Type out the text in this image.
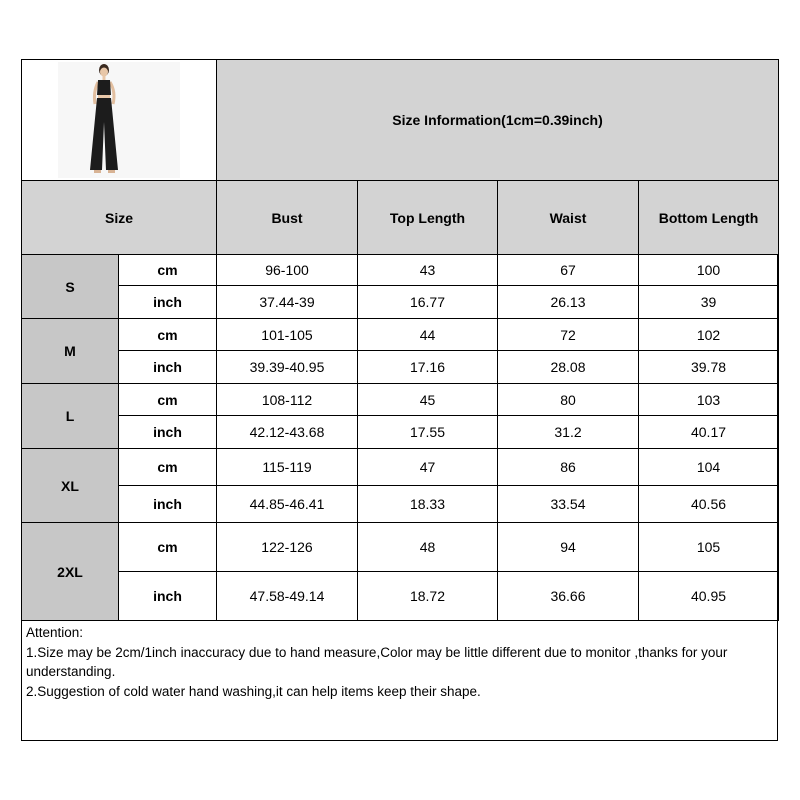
		Size Information(1cm=0.39inch)			
Size		Bust	Top Length	Waist	Bottom Length
S	cm	96-100	43	67	100
	inch	37.44-39	16.77	26.13	39
M	cm	101-105	44	72	102
	inch	39.39-40.95	17.16	28.08	39.78
L	cm	108-112	45	80	103
	inch	42.12-43.68	17.55	31.2	40.17
XL	cm	115-119	47	86	104
	inch	44.85-46.41	18.33	33.54	40.56
2XL	cm	122-126	48	94	105
	inch	47.58-49.14	18.72	36.66	40.95
Attention:
1.Size may be 2cm/1inch inaccuracy due to hand measure,Color may be little different due to monitor ,thanks for your understanding.
2.Suggestion of cold water hand washing,it can help items keep their shape.
